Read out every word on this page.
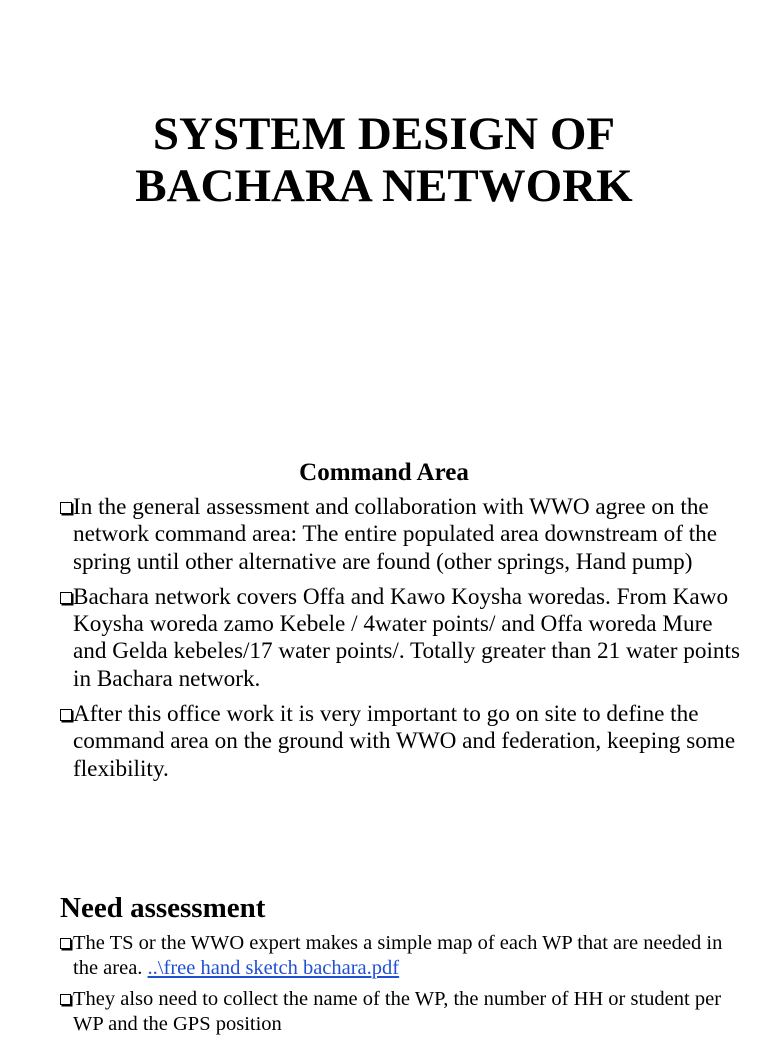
SYSTEM DESIGN OF
BACHARA NETWORK
Command Area
In the general assessment and collaboration with WWO agree on the network command area: The entire populated area downstream of the spring until other alternative are found (other springs, Hand pump)
Bachara network covers Offa and Kawo Koysha woredas. From Kawo Koysha woreda zamo Kebele / 4water points/ and Offa woreda Mure and Gelda kebeles/17 water points/. Totally greater than 21 water points in Bachara network.
After this office work it is very important to go on site to define the command area on the ground with WWO and federation, keeping some flexibility.
Need assessment
The TS or the WWO expert makes a simple map of each WP that are needed in the area. ..\free hand sketch bachara.pdf
They also need to collect the name of the WP, the number of HH or student per WP and the GPS position
